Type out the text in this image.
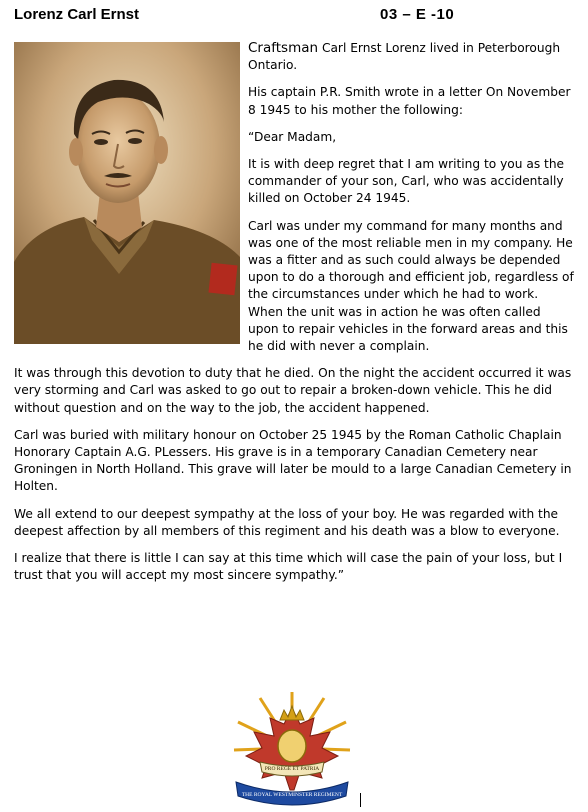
Lorenz Carl Ernst	03 – E -10

Craftsman Carl Ernst Lorenz lived in Peterborough Ontario.

His captain P.R. Smith wrote in a letter On November 8 1945 to his mother the following:

“Dear Madam,

It is with deep regret that I am writing to you as the commander of your son, Carl, who was accidentally killed on October 24 1945.

Carl was under my command for many months and was one of the most reliable men in my company. He was a fitter and as such could always be depended upon to do a thorough and efficient job, regardless of the circumstances under which he had to work. When the unit was in action he was often called upon to repair vehicles in the forward areas and this he did with never a complain.

It was through this devotion to duty that he died. On the night the accident occurred it was very storming and Carl was asked to go out to repair a broken-down vehicle. This he did without question and on the way to the job, the accident happened.

Carl was buried with military honour on October 25 1945 by the Roman Catholic Chaplain Honorary Captain A.G. PLessers. His grave is in a temporary Canadian Cemetery near Groningen in North Holland. This grave will later be mould to a large Canadian Cemetery in Holten.

We all extend to our deepest sympathy at the loss of your boy. He was regarded with the deepest affection by all members of this regiment and his death was a blow to everyone.

I realize that there is little I can say at this time which will case the pain of your loss, but I trust that you will accept my most sincere sympathy.”

PRO REGE ET PATRIA
THE ROYAL WESTMINSTER REGIMENT
